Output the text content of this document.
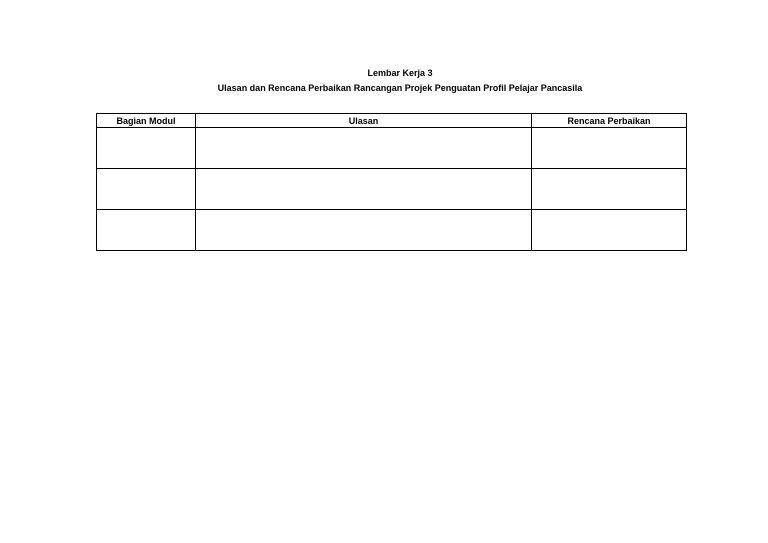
Lembar Kerja 3
Ulasan dan Rencana Perbaikan Rancangan Projek Penguatan Profil Pelajar Pancasila
Bagian Modul	Ulasan	Rencana Perbaikan
